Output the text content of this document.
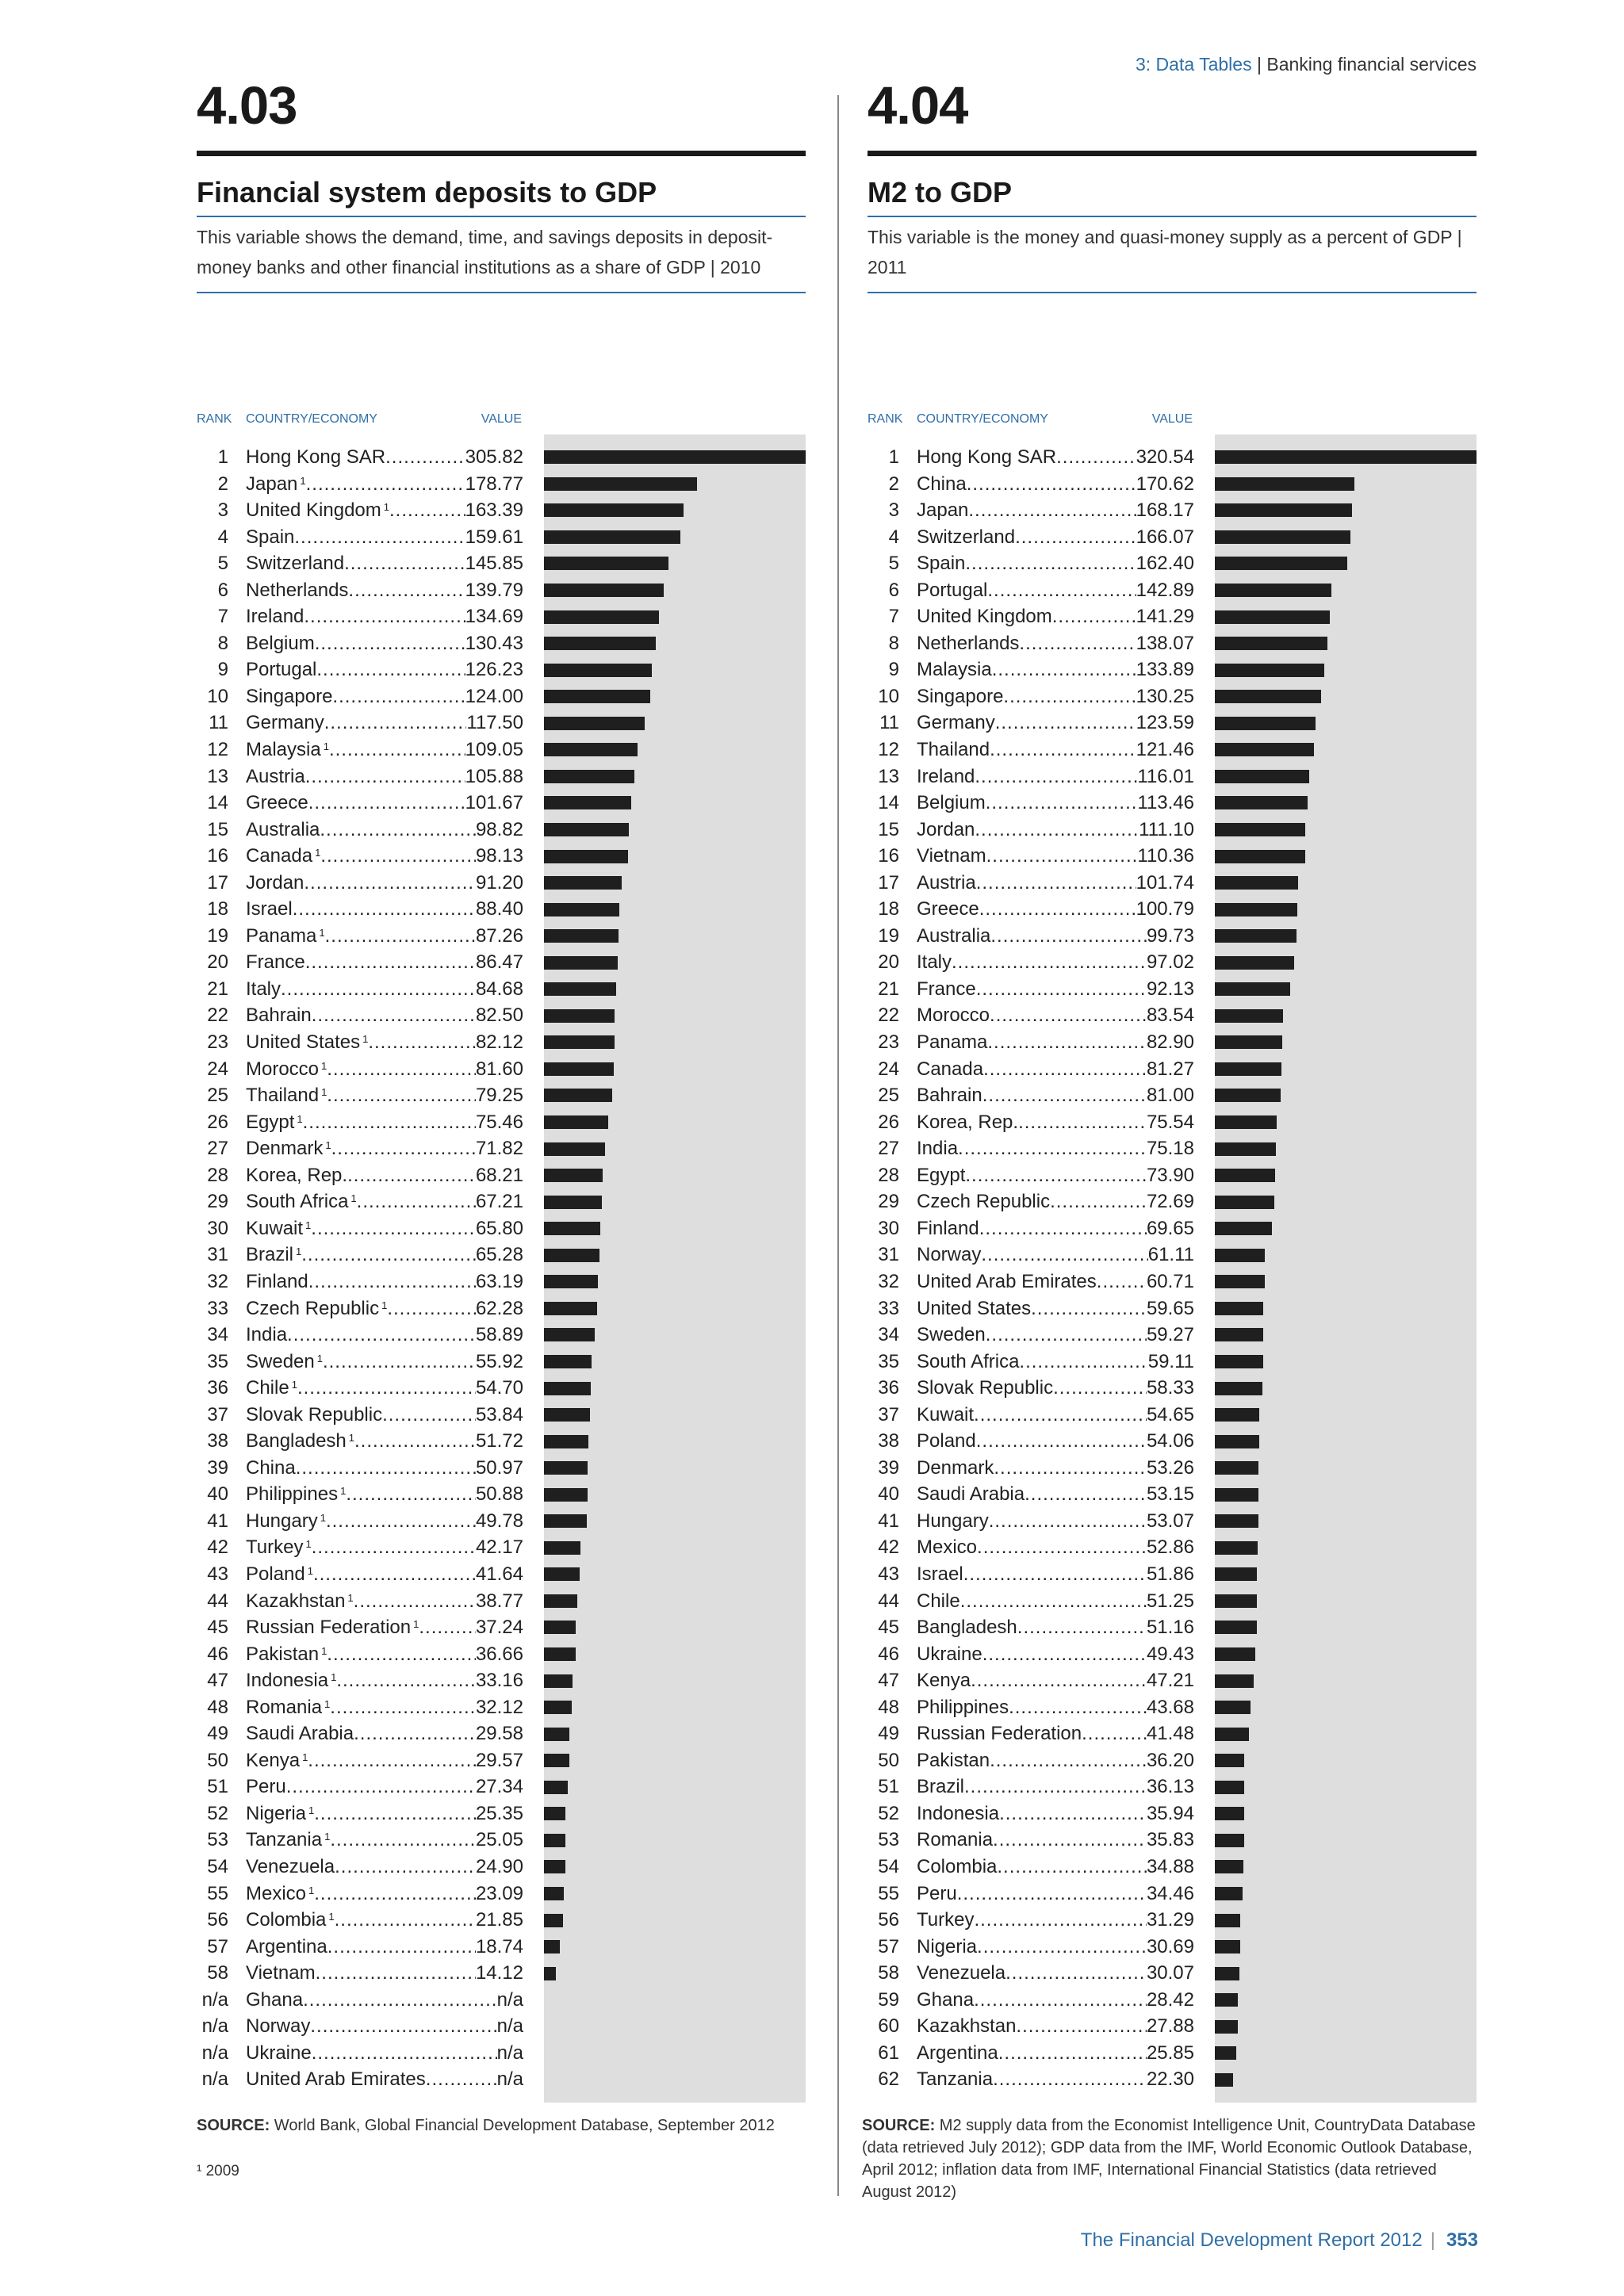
3: Data Tables | Banking financial services
4.03
Financial system deposits to GDP
This variable shows the demand, time, and savings deposits in deposit-money banks and other financial institutions as a share of GDP | 2010
RANK COUNTRY/ECONOMY	VALUE
1 Hong Kong SAR .....	305.82
2 Japan $^1$ .....	178.77
3 United Kingdom $^1$ .....	163.39
4 Spain .....	159.61
5 Switzerland .....	145.85
6 Netherlands .....	139.79
7 Ireland .....	134.69
8 Belgium .....	130.43
9 Portugal .....	126.23
10 Singapore .....	124.00
11 Germany .....	117.50
12 Malaysia $^1$ .....	109.05
13 Austria .....	105.88
14 Greece .....	101.67
15 Australia .....	98.82
16 Canada $^1$ .....	98.13
17 Jordan .....	91.20
18 Israel .....	88.40
19 Panama $^1$ .....	87.26
20 France .....	86.47
21 Italy .....	84.68
22 Bahrain .....	82.50
23 United States $^1$ .....	82.12
24 Morocco $^1$ .....	81.60
25 Thailand $^1$ .....	79.25
26 Egypt $^1$ .....	75.46
27 Denmark $^1$ .....	71.82
28 Korea, Rep. .....	68.21
29 South Africa $^1$ .....	67.21
30 Kuwait $^1$ .....	65.80
31 Brazil $^1$ .....	65.28
32 Finland .....	63.19
33 Czech Republic $^1$ .....	62.28
34 India .....	58.89
35 Sweden $^1$ .....	55.92
36 Chile $^1$ .....	54.70
37 Slovak Republic .....	53.84
38 Bangladesh $^1$ .....	51.72
39 China .....	50.97
40 Philippines $^1$ .....	50.88
41 Hungary $^1$ .....	49.78
42 Turkey $^1$ .....	42.17
43 Poland $^1$ .....	41.64
44 Kazakhstan $^1$ .....	38.77
45 Russian Federation $^1$ .....	37.24
46 Pakistan $^1$ .....	36.66
47 Indonesia $^1$ .....	33.16
48 Romania $^1$ .....	32.12
49 Saudi Arabia .....	29.58
50 Kenya $^1$ .....	29.57
51 Peru .....	27.34
52 Nigeria $^1$ .....	25.35
53 Tanzania $^1$ .....	25.05
54 Venezuela .....	24.90
55 Mexico $^1$ .....	23.09
56 Colombia $^1$ .....	21.85
57 Argentina .....	18.74
58 Vietnam .....	14.12
n/a Ghana .....	n/a
n/a Norway .....	n/a
n/a Ukraine .....	n/a
n/a United Arab Emirates .....	n/a
4.04
M2 to GDP
This variable is the money and quasi-money supply as a percent of GDP | 2011
RANK COUNTRY/ECONOMY	VALUE
1 Hong Kong SAR .....	320.54
2 China .....	170.62
3 Japan .....	168.17
4 Switzerland .....	166.07
5 Spain .....	162.40
6 Portugal .....	142.89
7 United Kingdom .....	141.29
8 Netherlands .....	138.07
9 Malaysia .....	133.89
10 Singapore .....	130.25
11 Germany .....	123.59
12 Thailand .....	121.46
13 Ireland .....	116.01
14 Belgium .....	113.46
15 Jordan .....	111.10
16 Vietnam .....	110.36
17 Austria .....	101.74
18 Greece .....	100.79
19 Australia .....	99.73
20 Italy .....	97.02
21 France .....	92.13
22 Morocco .....	83.54
23 Panama .....	82.90
24 Canada .....	81.27
25 Bahrain .....	81.00
26 Korea, Rep. .....	75.54
27 India .....	75.18
28 Egypt .....	73.90
29 Czech Republic .....	72.69
30 Finland .....	69.65
31 Norway .....	61.11
32 United Arab Emirates .....	60.71
33 United States .....	59.65
34 Sweden .....	59.27
35 South Africa .....	59.11
36 Slovak Republic .....	58.33
37 Kuwait .....	54.65
38 Poland .....	54.06
39 Denmark .....	53.26
40 Saudi Arabia .....	53.15
41 Hungary .....	53.07
42 Mexico .....	52.86
43 Israel .....	51.86
44 Chile .....	51.25
45 Bangladesh .....	51.16
46 Ukraine .....	49.43
47 Kenya .....	47.21
48 Philippines .....	43.68
49 Russian Federation .....	41.48
50 Pakistan .....	36.20
51 Brazil .....	36.13
52 Indonesia .....	35.94
53 Romania .....	35.83
54 Colombia .....	34.88
55 Peru .....	34.46
56 Turkey .....	31.29
57 Nigeria .....	30.69
58 Venezuela .....	30.07
59 Ghana .....	28.42
60 Kazakhstan .....	27.88
61 Argentina .....	25.85
62 Tanzania .....	22.30
SOURCE: World Bank, Global Financial Development Database, September 2012
¹ 2009
SOURCE: M2 supply data from the Economist Intelligence Unit, CountryData Database (data retrieved July 2012); GDP data from the IMF, World Economic Outlook Database, April 2012; inflation data from IMF, International Financial Statistics (data retrieved August 2012)
The Financial Development Report 2012 | 353
